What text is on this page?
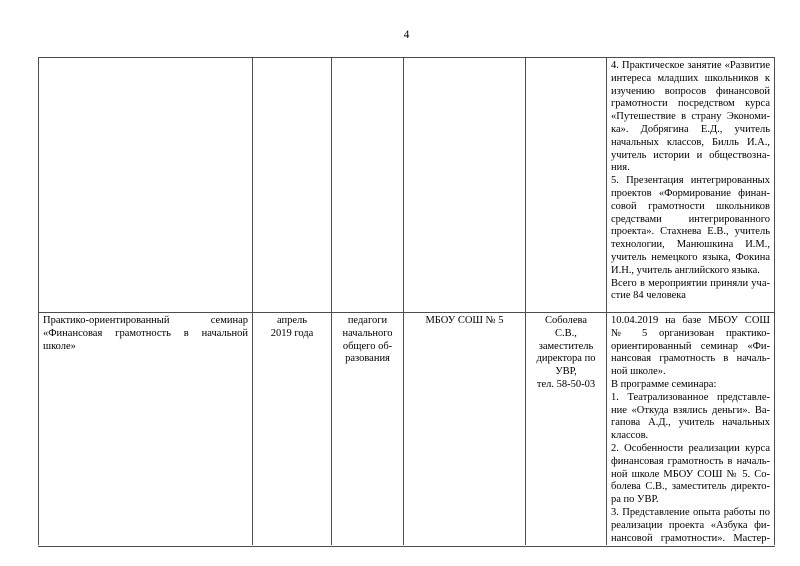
4
4. Практическое занятие «Развитие
интереса младших школьников к
изучению вопросов финансовой
грамотности посредством курса
«Путешествие в страну Экономи-
ка». Добрягина Е.Д., учитель
начальных классов, Билль И.А.,
учитель истории и обществозна-
ния.
5. Презентация интегрированных
проектов «Формирование финан-
совой грамотности школьников
средствами интегрированного
проекта». Стахнева Е.В., учитель
технологии, Манюшкина И.М.,
учитель немецкого языка, Фокина
И.Н., учитель английского языка.
Всего в мероприятии приняли уча-
стие 84 человека
Практико-ориентированный семинар
«Финансовая грамотность в начальной
школе»
апрель
2019 года
педагоги
начального
общего об-
разования
МБОУ СОШ № 5	Соболева
С.В.,
заместитель
директора по
УВР,
тел. 58-50-03
10.04.2019 на базе МБОУ СОШ
№ 5 организован практико-
ориентированный семинар «Фи-
нансовая грамотность в началь-
ной школе».
В программе семинара:
1. Театрализованное представле-
ние «Откуда взялись деньги». Ва-
гапова А.Д., учитель начальных
классов.
2. Особенности реализации курса
финансовая грамотность в началь-
ной школе МБОУ СОШ № 5. Со-
болева С.В., заместитель директо-
ра по УВР.
3. Представление опыта работы по
реализации проекта «Азбука фи-
нансовой грамотности». Мастер-
